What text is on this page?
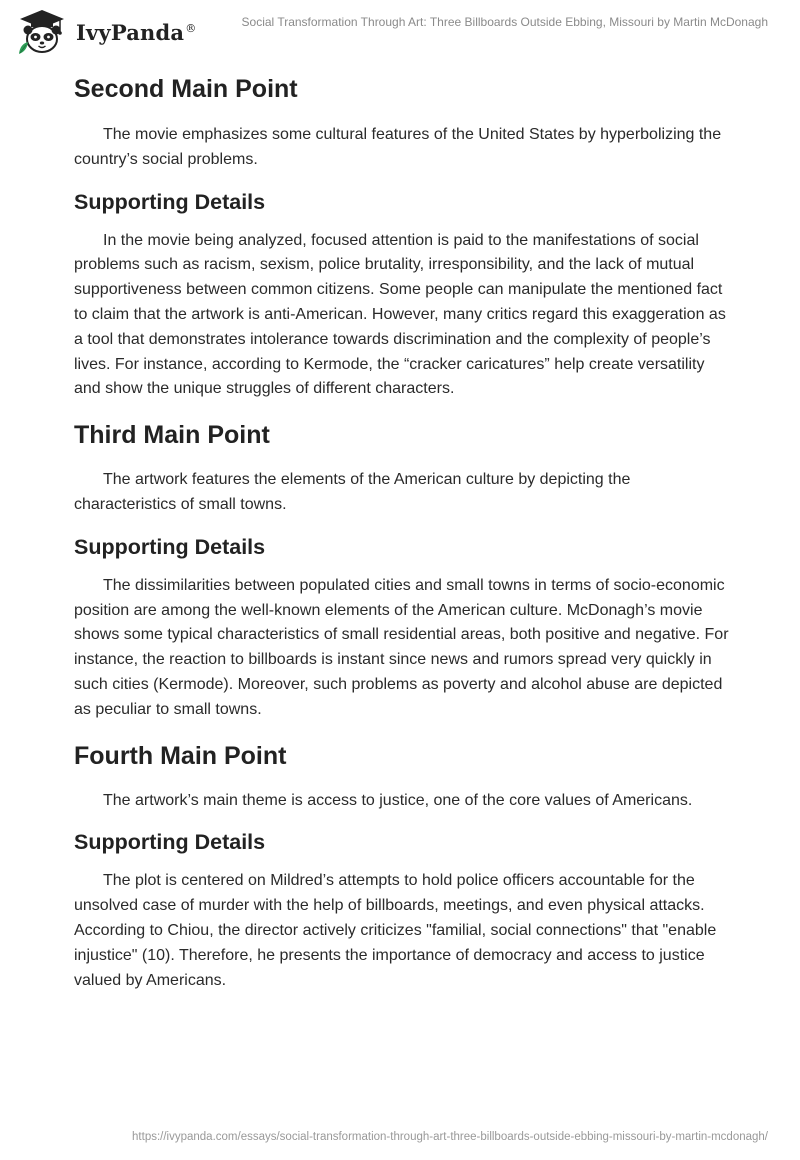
IvyPanda®	Social Transformation Through Art: Three Billboards Outside Ebbing, Missouri by Martin McDonagh
Second Main Point

The movie emphasizes some cultural features of the United States by hyperbolizing the country’s social problems.

Supporting Details

In the movie being analyzed, focused attention is paid to the manifestations of social problems such as racism, sexism, police brutality, irresponsibility, and the lack of mutual supportiveness between common citizens. Some people can manipulate the mentioned fact to claim that the artwork is anti-American. However, many critics regard this exaggeration as a tool that demonstrates intolerance towards discrimination and the complexity of people’s lives. For instance, according to Kermode, the “cracker caricatures” help create versatility and show the unique struggles of different characters.

Third Main Point

The artwork features the elements of the American culture by depicting the characteristics of small towns.

Supporting Details

The dissimilarities between populated cities and small towns in terms of socio-economic position are among the well-known elements of the American culture. McDonagh’s movie shows some typical characteristics of small residential areas, both positive and negative. For instance, the reaction to billboards is instant since news and rumors spread very quickly in such cities (Kermode). Moreover, such problems as poverty and alcohol abuse are depicted as peculiar to small towns.

Fourth Main Point

The artwork’s main theme is access to justice, one of the core values of Americans.

Supporting Details

The plot is centered on Mildred’s attempts to hold police officers accountable for the unsolved case of murder with the help of billboards, meetings, and even physical attacks. According to Chiou, the director actively criticizes "familial, social connections" that "enable injustice" (10). Therefore, he presents the importance of democracy and access to justice valued by Americans.

https://ivypanda.com/essays/social-transformation-through-art-three-billboards-outside-ebbing-missouri-by-martin-mcdonagh/
